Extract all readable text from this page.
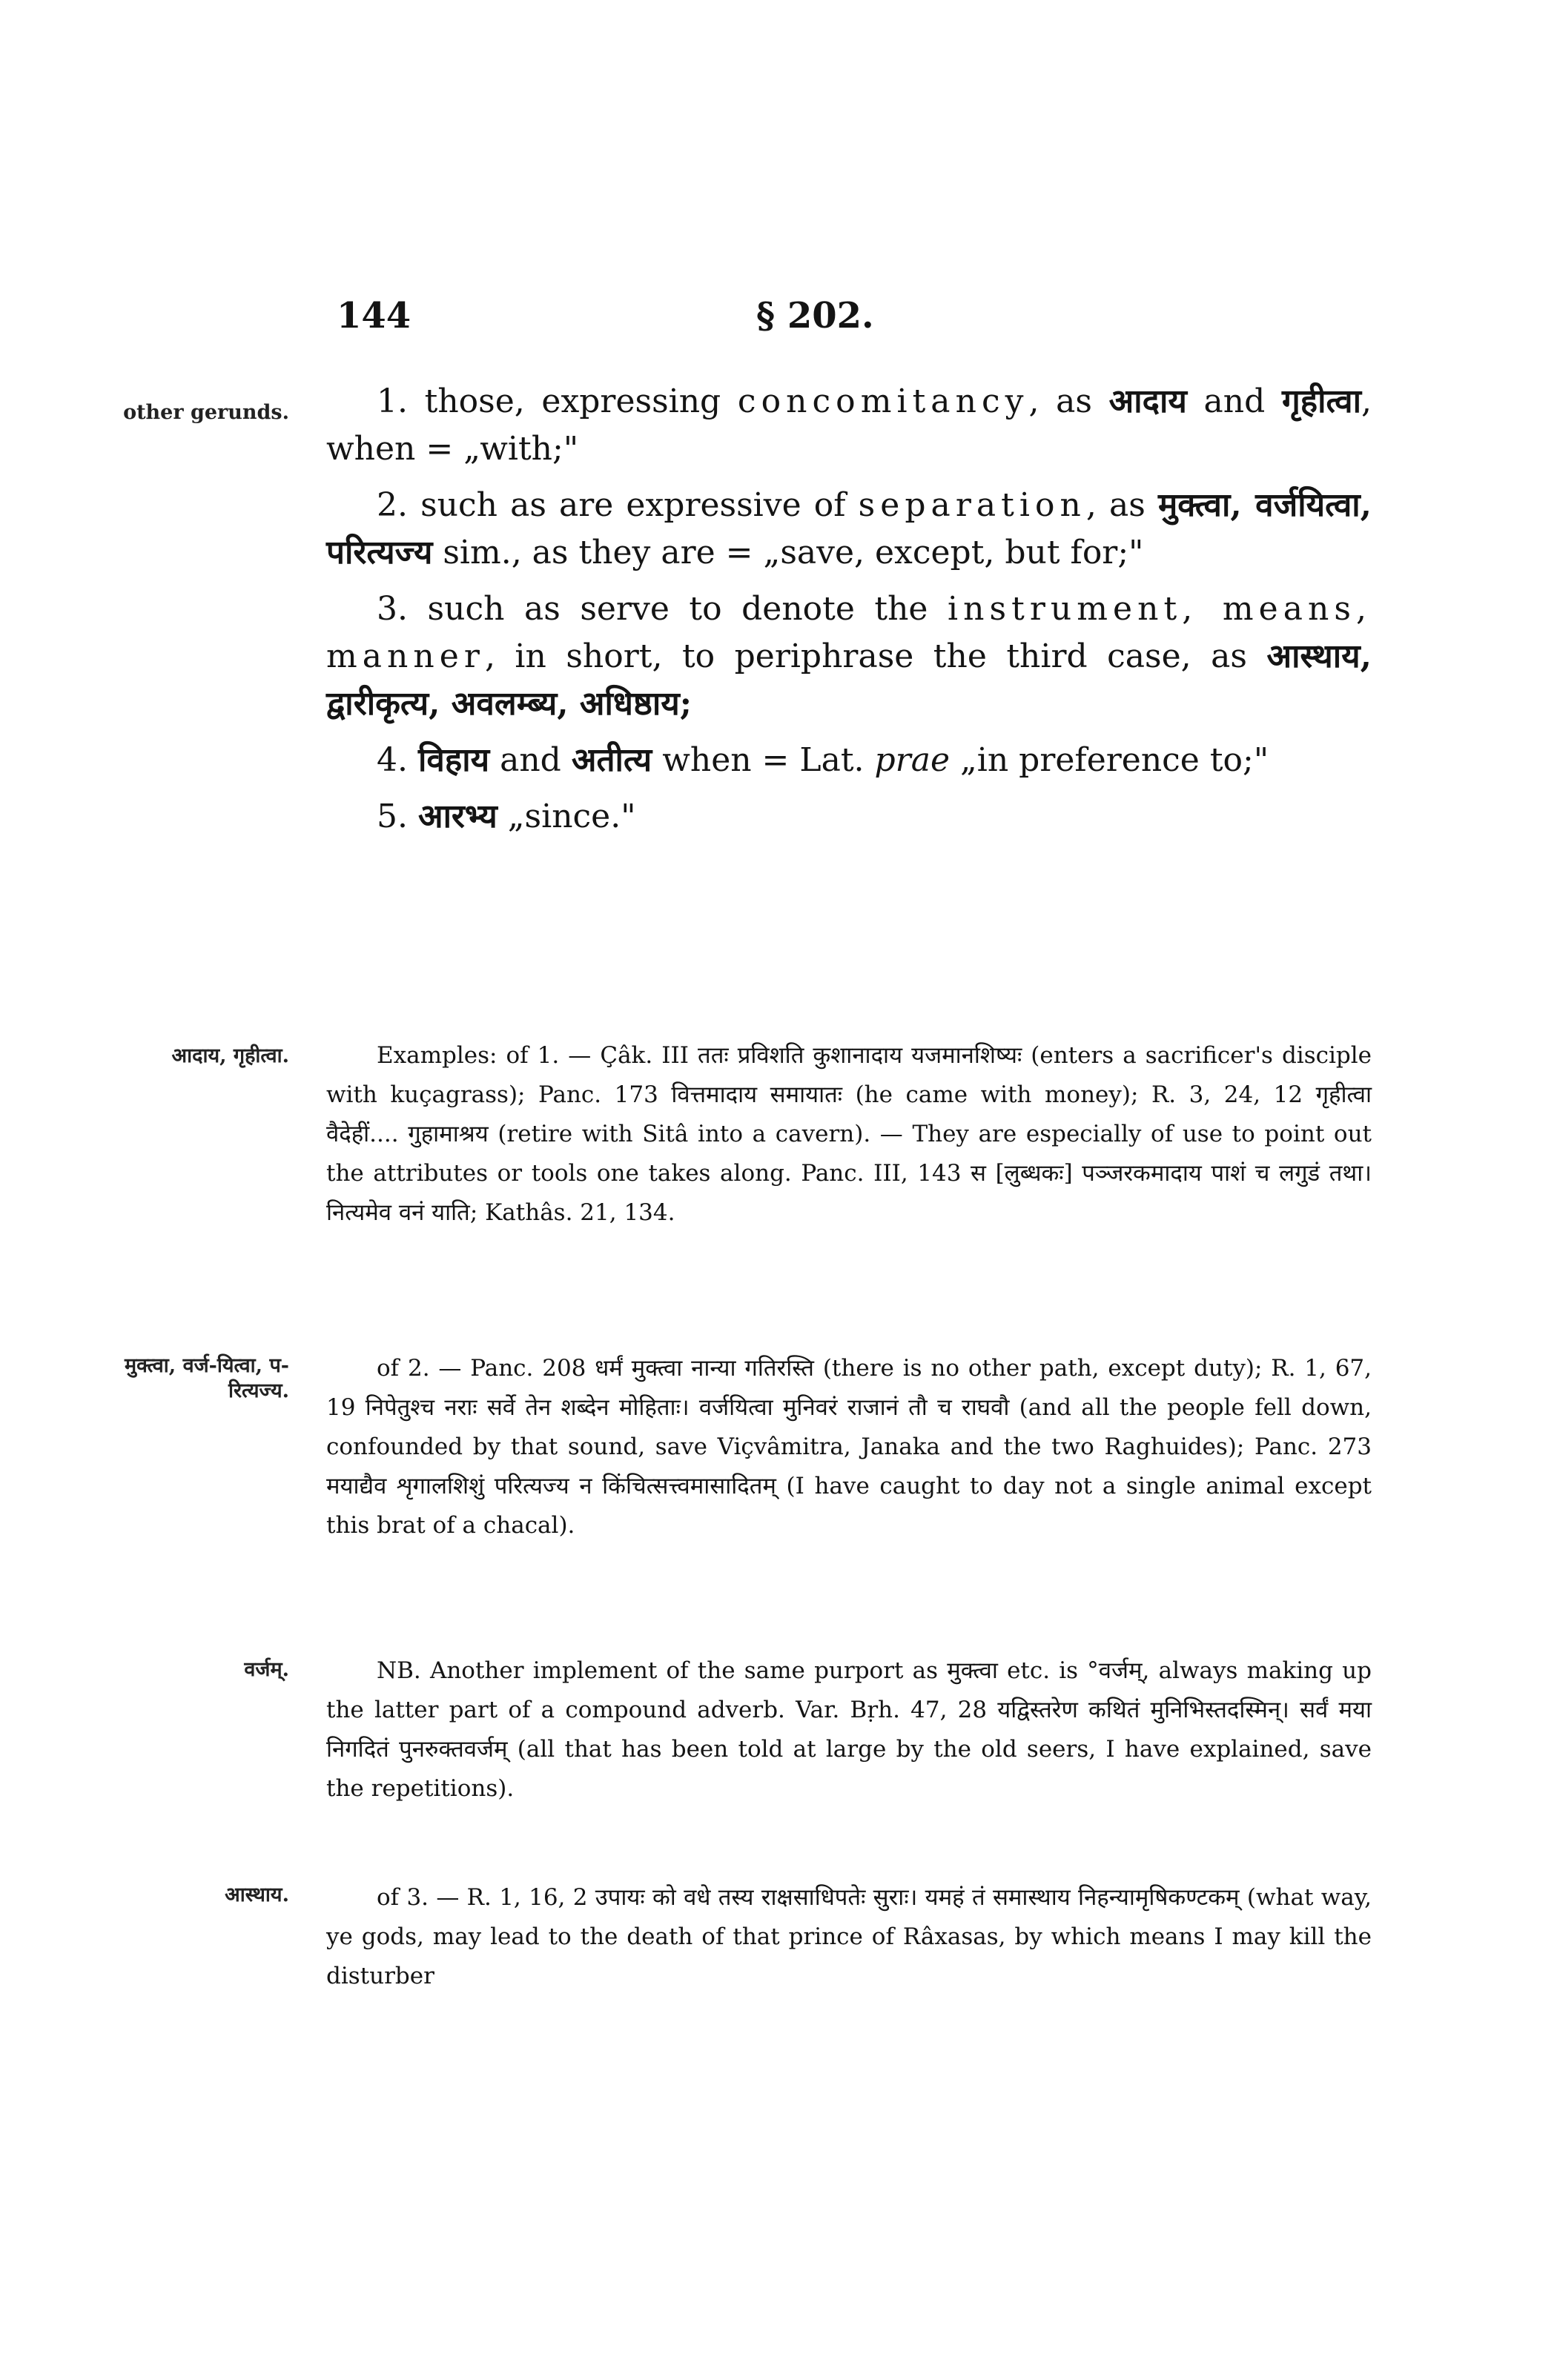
144	§ 202.
other gerunds.
आदाय, गृहीत्वा.
मुक्त्वा, वर्ज-यित्वा, प-रित्यज्य.
वर्जम्.
आस्थाय.

1. those, expressing concomitancy, as आदाय and गृहीत्वा, when = „with;"

2. such as are expressive of separation, as मुक्त्वा, वर्जयित्वा, परित्यज्य sim., as they are = „save, except, but for;"

3. such as serve to denote the instrument, means, manner, in short, to periphrase the third case, as आस्थाय, द्वारीकृत्य, अवलम्ब्य, अधिष्ठाय;

4. विहाय and अतीत्य when = Lat. prae „in preference to;"

5. आरभ्य „since."

Examples: of 1. — Çâk. III ततः प्रविशति कुशानादाय यजमानशिष्यः (enters a sacrificer's disciple with kuçagrass); Panc. 173 वित्तमादाय समायातः (he came with money); R. 3, 24, 12 गृहीत्वा वैदेहीं.... गुहामाश्रय (retire with Sitâ into a cavern). — They are especially of use to point out the attributes or tools one takes along. Panc. III, 143 स [लुब्धकः] पञ्जरकमादाय पाशं च लगुडं तथा। नित्यमेव वनं याति; Kathâs. 21, 134.

of 2. — Panc. 208 धर्मं मुक्त्वा नान्या गतिरस्ति (there is no other path, except duty); R. 1, 67, 19 निपेतुश्च नराः सर्वे तेन शब्देन मोहिताः। वर्जयित्वा मुनिवरं राजानं तौ च राघवौ (and all the people fell down, confounded by that sound, save Viçvâmitra, Janaka and the two Raghuides); Panc. 273 मयाद्यैव शृगालशिशुं परित्यज्य न किंचित्सत्त्वमासादितम् (I have caught to day not a single animal except this brat of a chacal).

NB. Another implement of the same purport as मुक्त्वा etc. is °वर्जम्, always making up the latter part of a compound adverb. Var. Bṛh. 47, 28 यद्विस्तरेण कथितं मुनिभिस्तदस्मिन्। सर्वं मया निगदितं पुनरुक्तवर्जम् (all that has been told at large by the old seers, I have explained, save the repetitions).

of 3. — R. 1, 16, 2 उपायः को वधे तस्य राक्षसाधिपतेः सुराः। यमहं तं समास्थाय निहन्यामृषिकण्टकम् (what way, ye gods, may lead to the death of that prince of Râxasas, by which means I may kill the disturber
